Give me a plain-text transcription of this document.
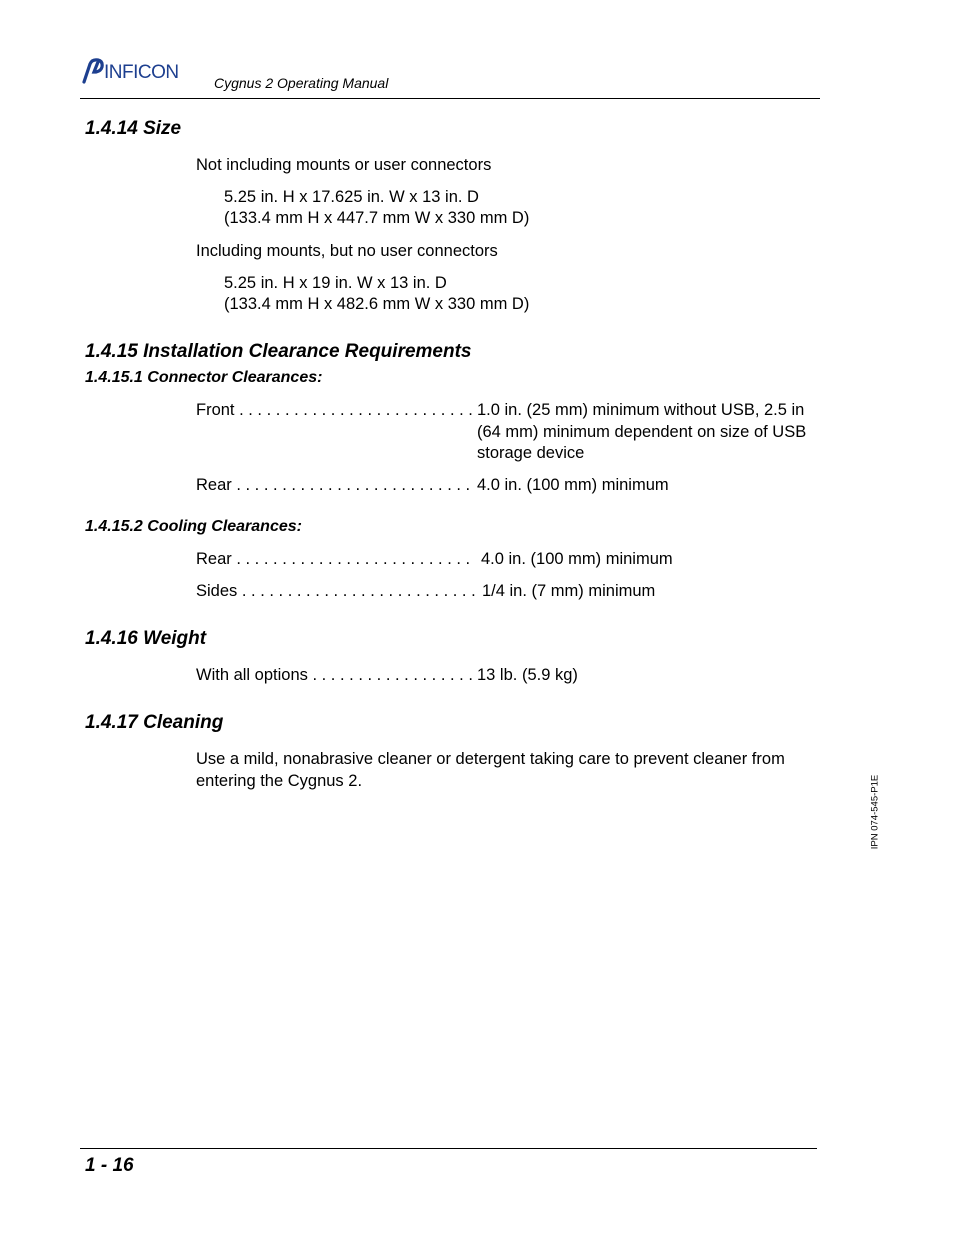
INFICON	Cygnus 2 Operating Manual
1.4.14 Size
Not including mounts or user connectors
5.25 in. H x 17.625 in. W x 13 in. D
(133.4 mm H x 447.7 mm W x 330 mm D)
Including mounts, but no user connectors
5.25 in. H x 19 in. W x 13 in. D
(133.4 mm H x 482.6 mm W x 330 mm D)
1.4.15 Installation Clearance Requirements
1.4.15.1 Connector Clearances:
Front . . .	1.0 in. (25 mm) minimum without USB, 2.5 in
(64 mm) minimum dependent on size of USB
storage device
Rear . . .	4.0 in. (100 mm) minimum
1.4.15.2 Cooling Clearances:
Rear . . .	4.0 in. (100 mm) minimum
Sides . . .	1/4 in. (7 mm) minimum
1.4.16 Weight
With all options . . .	13 lb. (5.9 kg)
1.4.17 Cleaning
Use a mild, nonabrasive cleaner or detergent taking care to prevent cleaner from
entering the Cygnus 2.	IPN 074-545-P1E
1 - 16
